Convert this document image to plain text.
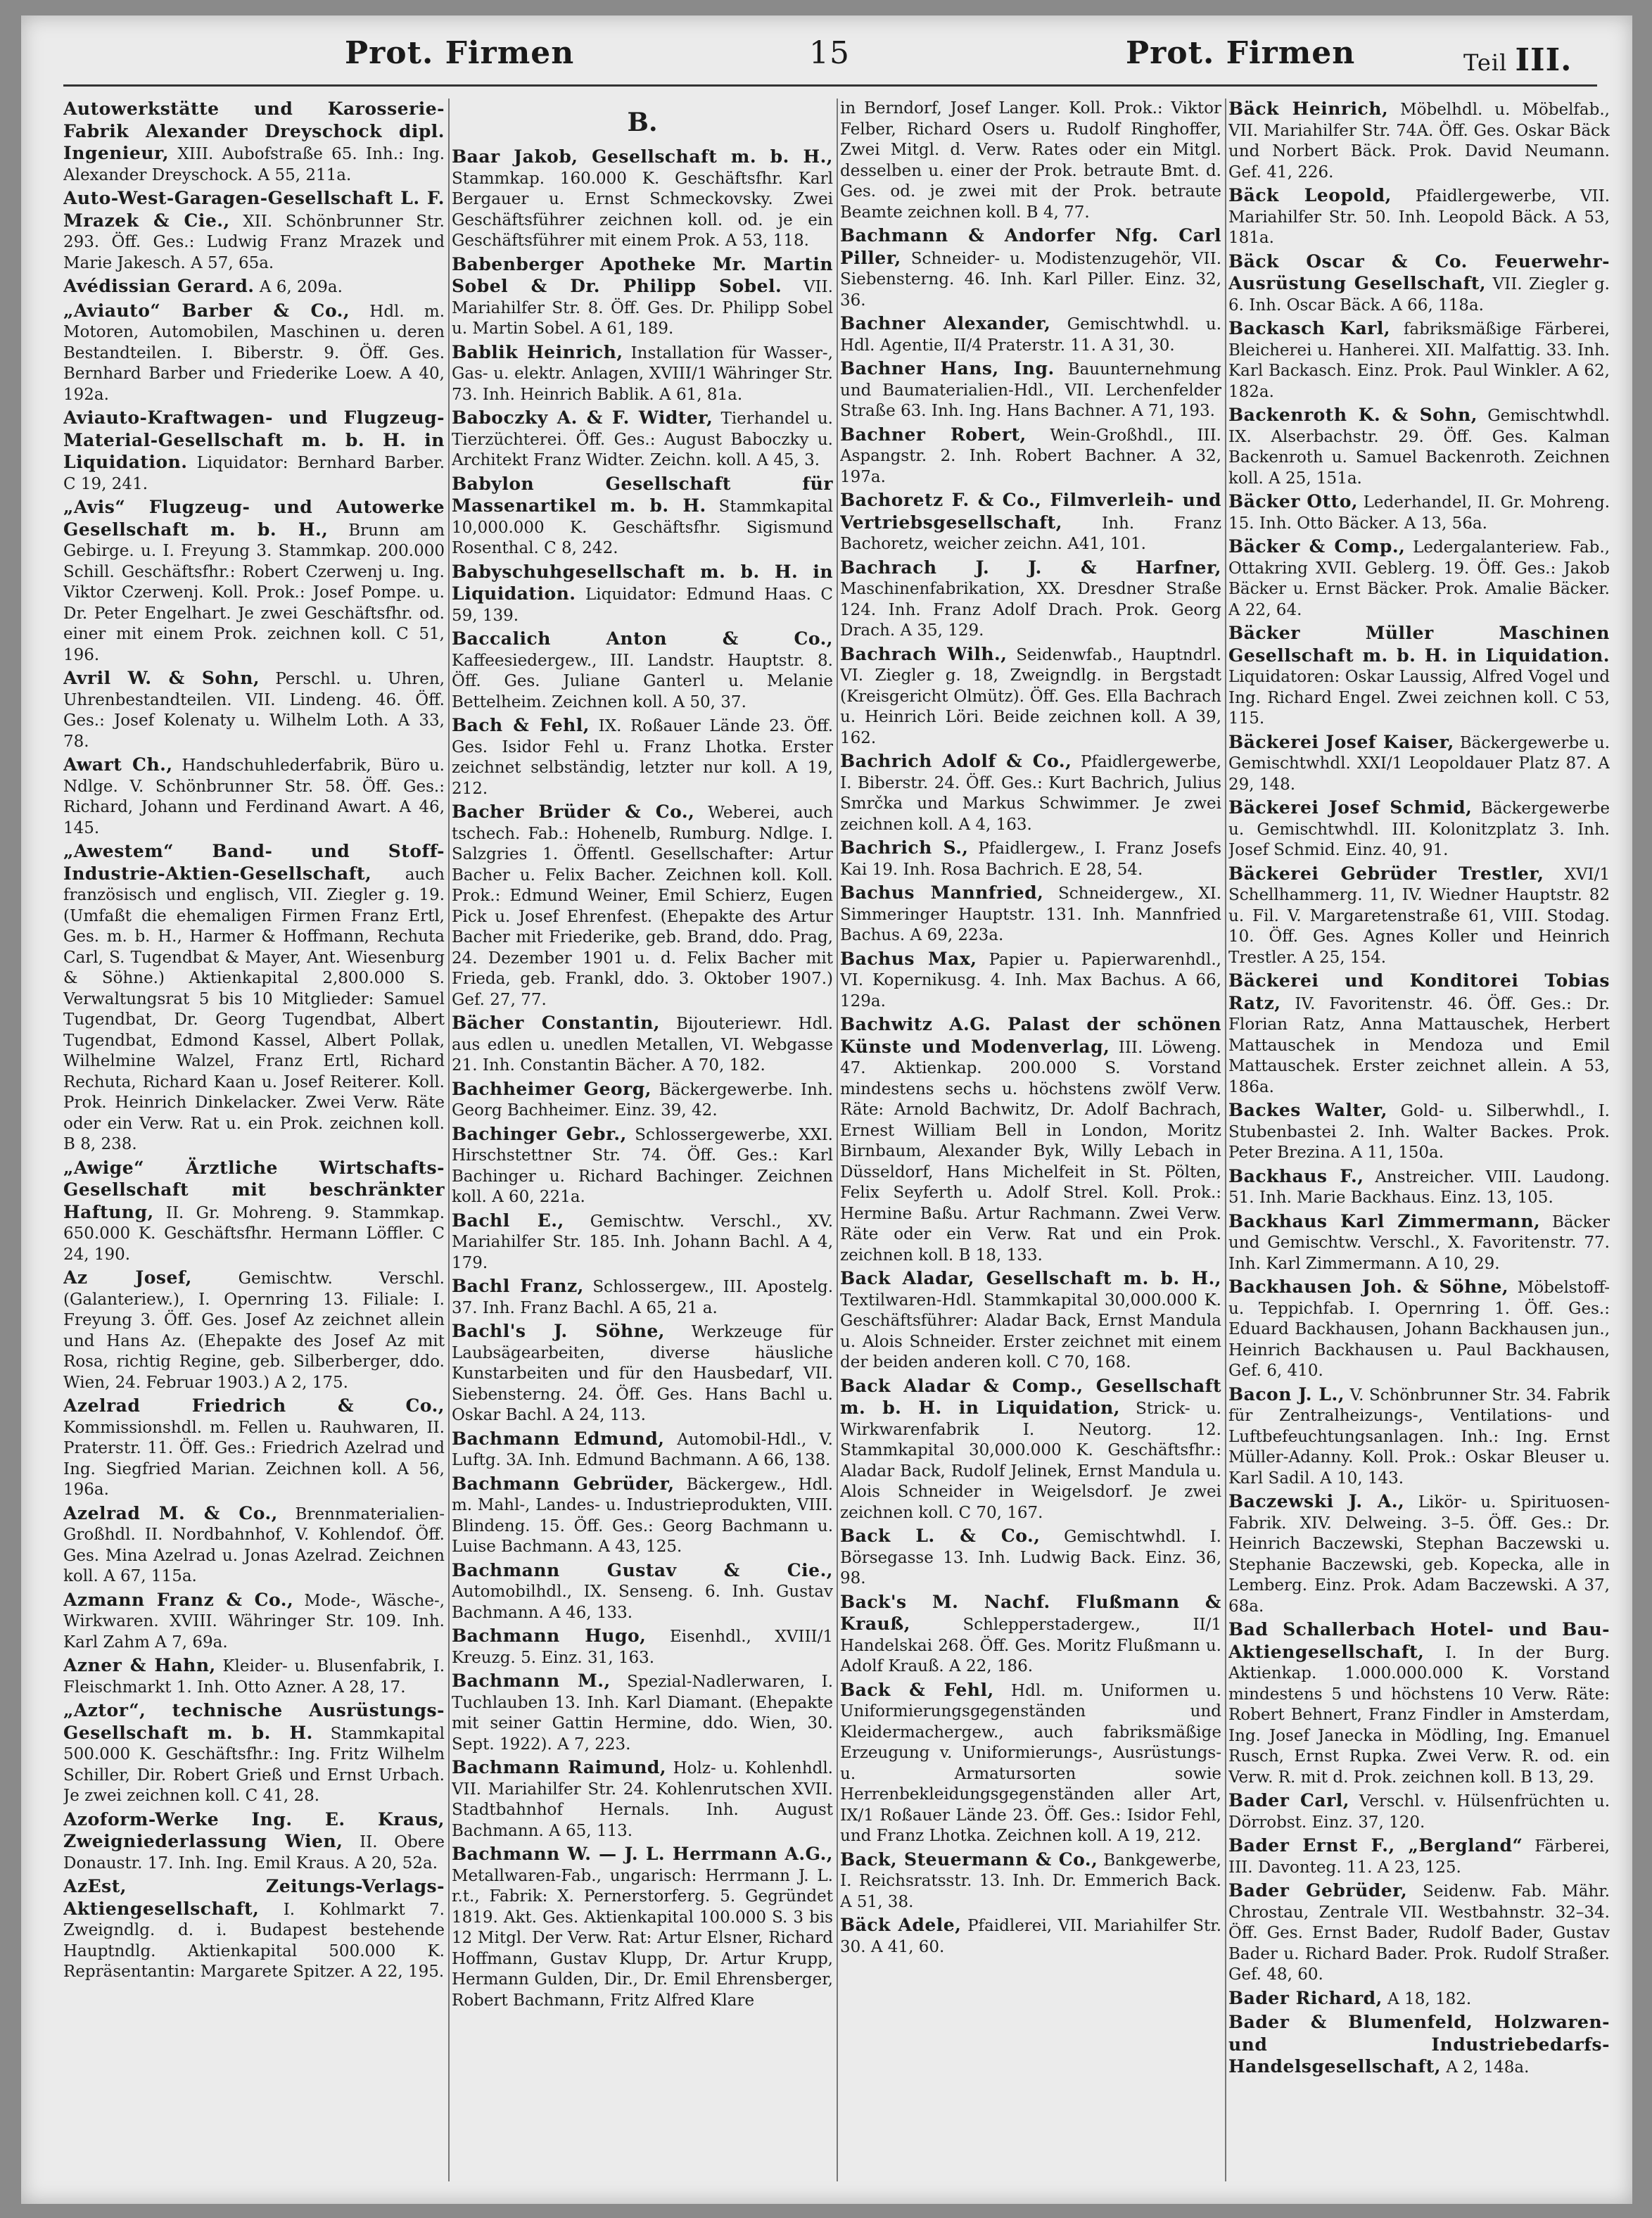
Prot. Firmen	15	Prot. Firmen	Teil III.
Autowerkstätte und Karosserie-Fabrik Alexander Dreyschock dipl. Ingenieur, XIII. Aubofstraße 65. Inh.: Ing. Alexander Dreyschock. A 55, 211a.
Auto-West-Garagen-Gesellschaft L. F. Mrazek & Cie., XII. Schönbrunner Str. 293. Öff. Ges.: Ludwig Franz Mrazek und Marie Jakesch. A 57, 65a.
Avédissian Gerard. A 6, 209a.
„Aviauto“ Barber & Co., Hdl. m. Motoren, Automobilen, Maschinen u. deren Bestandteilen. I. Biberstr. 9. Öff. Ges. Bernhard Barber und Friederike Loew. A 40, 192a.
Aviauto-Kraftwagen- und Flugzeug-Material-Gesellschaft m. b. H. in Liquidation. Liquidator: Bernhard Barber. C 19, 241.
„Avis“ Flugzeug- und Autowerke Gesellschaft m. b. H., Brunn am Gebirge. u. I. Freyung 3. Stammkap. 200.000 Schill. Geschäftsfhr.: Robert Czerwenj u. Ing. Viktor Czerwenj. Koll. Prok.: Josef Pompe. u. Dr. Peter Engelhart. Je zwei Geschäftsfhr. od. einer mit einem Prok. zeichnen koll. C 51, 196.
Avril W. & Sohn, Perschl. u. Uhren, Uhrenbestandteilen. VII. Lindeng. 46. Öff. Ges.: Josef Kolenaty u. Wilhelm Loth. A 33, 78.
Awart Ch., Handschuhlederfabrik, Büro u. Ndlge. V. Schönbrunner Str. 58. Öff. Ges.: Richard, Johann und Ferdinand Awart. A 46, 145.
„Awestem“ Band- und Stoff-Industrie-Aktien-Gesellschaft, auch französisch und englisch, VII. Ziegler g. 19. (Umfaßt die ehemaligen Firmen Franz Ertl, Ges. m. b. H., Harmer & Hoffmann, Rechuta Carl, S. Tugendbat & Mayer, Ant. Wiesenburg & Söhne.) Aktienkapital 2,800.000 S. Verwaltungsrat 5 bis 10 Mitglieder: Samuel Tugendbat, Dr. Georg Tugendbat, Albert Tugendbat, Edmond Kassel, Albert Pollak, Wilhelmine Walzel, Franz Ertl, Richard Rechuta, Richard Kaan u. Josef Reiterer. Koll. Prok. Heinrich Dinkelacker. Zwei Verw. Räte oder ein Verw. Rat u. ein Prok. zeichnen koll. B 8, 238.
„Awige“ Ärztliche Wirtschafts-Gesellschaft mit beschränkter Haftung, II. Gr. Mohreng. 9. Stammkap. 650.000 K. Geschäftsfhr. Hermann Löffler. C 24, 190.
Az Josef,	Gemischtw. Verschl. (Galanteriew.), I. Opernring 13. Filiale: I. Freyung 3. Öff. Ges. Josef Az zeichnet allein und Hans Az. (Ehepakte des Josef Az mit Rosa, richtig Regine, geb. Silberberger, ddo. Wien, 24. Februar 1903.) A 2, 175.
Azelrad Friedrich & Co., Kommissionshdl. m. Fellen u. Rauhwaren, II. Praterstr. 11. Öff. Ges.: Friedrich Azelrad und Ing. Siegfried Marian. Zeichnen koll. A 56, 196a.
Azelrad M. & Co., Brennmaterialien-Großhdl. II. Nordbahnhof, V. Kohlendof. Öff. Ges. Mina Azelrad u. Jonas Azelrad. Zeichnen koll. A 67, 115a.
Azmann Franz & Co., Mode-, Wäsche-, Wirkwaren. XVIII. Währinger Str. 109. Inh. Karl Zahm A 7, 69a.
Azner & Hahn, Kleider- u. Blusenfabrik, I. Fleischmarkt 1. Inh. Otto Azner. A 28, 17.
„Aztor“, technische Ausrüstungs-Gesellschaft m. b. H. Stammkapital 500.000 K. Geschäftsfhr.: Ing. Fritz Wilhelm Schiller, Dir. Robert Grieß und Ernst Urbach. Je zwei zeichnen koll. C 41, 28.
Azoform-Werke Ing. E. Kraus, Zweigniederlassung Wien, II. Obere Donaustr. 17. Inh. Ing. Emil Kraus. A 20, 52a.
AzEst, Zeitungs-Verlags-Aktiengesellschaft, I. Kohlmarkt 7. Zweigndlg. d. i. Budapest bestehende Hauptndlg. Aktienkapital 500.000 K. Repräsentantin: Margarete Spitzer. A 22, 195.
B.
Baar Jakob, Gesellschaft m. b. H., Stammkap. 160.000 K. Geschäftsfhr. Karl Bergauer u. Ernst Schmeckovsky. Zwei Geschäftsführer zeichnen koll. od. je ein Geschäftsführer mit einem Prok. A 53, 118.
Babenberger Apotheke Mr. Martin Sobel & Dr. Philipp Sobel. VII. Mariahilfer Str. 8. Öff. Ges. Dr. Philipp Sobel u. Martin Sobel. A 61, 189.
Bablik Heinrich, Installation für Wasser-, Gas- u. elektr. Anlagen, XVIII/1 Währinger Str. 73. Inh. Heinrich Bablik. A 61, 81a.
Baboczky A. & F. Widter, Tierhandel u. Tierzüchterei. Öff. Ges.: August Baboczky u. Architekt Franz Widter. Zeichn. koll. A 45, 3.
Babylon Gesellschaft für Massenartikel m. b. H. Stammkapital 10,000.000 K. Geschäftsfhr. Sigismund Rosenthal. C 8, 242.
Babyschuhgesellschaft m. b. H. in Liquidation. Liquidator: Edmund Haas. C 59, 139.
Baccalich Anton & Co., Kaffeesiedergew., III. Landstr. Hauptstr. 8. Öff. Ges. Juliane Ganterl u. Melanie Bettelheim. Zeichnen koll. A 50, 37.
Bach & Fehl, IX. Roßauer Lände 23. Öff. Ges. Isidor Fehl u. Franz Lhotka. Erster zeichnet selbständig, letzter nur koll. A 19, 212.
Bacher Brüder & Co., Weberei, auch tschech. Fab.: Hohenelb, Rumburg. Ndlge. I. Salzgries 1. Öffentl. Gesellschafter: Artur Bacher u. Felix Bacher. Zeichnen koll. Koll. Prok.: Edmund Weiner, Emil Schierz, Eugen Pick u. Josef Ehrenfest. (Ehepakte des Artur Bacher mit Friederike, geb. Brand, ddo. Prag, 24. Dezember 1901 u. d. Felix Bacher mit Frieda, geb. Frankl, ddo. 3. Oktober 1907.) Gef. 27, 77.
Bächer Constantin, Bijouteriewr. Hdl. aus edlen u. unedlen Metallen, VI. Webgasse 21. Inh. Constantin Bächer. A 70, 182.
Bachheimer Georg, Bäckergewerbe. Inh. Georg Bachheimer. Einz. 39, 42.
Bachinger Gebr., Schlossergewerbe, XXI. Hirschstettner Str. 74. Öff. Ges.: Karl Bachinger u. Richard Bachinger. Zeichnen koll. A 60, 221a.
Bachl E., Gemischtw. Verschl., XV. Mariahilfer Str. 185. Inh. Johann Bachl. A 4, 179.
Bachl Franz, Schlossergew., III. Apostelg. 37. Inh. Franz Bachl. A 65, 21 a.
Bachl's J. Söhne, Werkzeuge für Laubsägearbeiten, diverse häusliche Kunstarbeiten und für den Hausbedarf, VII. Siebensterng. 24. Öff. Ges. Hans Bachl u. Oskar Bachl. A 24, 113.
Bachmann Edmund, Automobil-Hdl., V. Luftg. 3A. Inh. Edmund Bachmann. A 66, 138.
Bachmann Gebrüder, Bäckergew., Hdl. m. Mahl-, Landes- u. Industrieprodukten, VIII. Blindeng. 15. Öff. Ges.: Georg Bachmann u. Luise Bachmann. A 43, 125.
Bachmann Gustav & Cie., Automobilhdl., IX. Senseng. 6. Inh. Gustav Bachmann. A 46, 133.
Bachmann Hugo, Eisenhdl., XVIII/1 Kreuzg. 5. Einz. 31, 163.
Bachmann M., Spezial-Nadlerwaren, I. Tuchlauben 13. Inh. Karl Diamant. (Ehepakte mit seiner Gattin Hermine, ddo. Wien, 30. Sept. 1922). A 7, 223.
Bachmann Raimund, Holz- u. Kohlenhdl. VII. Mariahilfer Str. 24. Kohlenrutschen XVII. Stadtbahnhof Hernals. Inh. August Bachmann. A 65, 113.
Bachmann W. — J. L. Herrmann A.G., Metallwaren-Fab., ungarisch: Herrmann J. L. r.t., Fabrik: X. Pernerstorferg. 5. Gegründet 1819. Akt. Ges. Aktienkapital 100.000 S. 3 bis 12 Mitgl. Der Verw. Rat: Artur Elsner, Richard Hoffmann, Gustav Klupp, Dr. Artur Krupp, Hermann Gulden, Dir., Dr. Emil Ehrensberger, Robert Bachmann, Fritz Alfred Klare
in Berndorf, Josef Langer. Koll. Prok.: Viktor Felber, Richard Osers u. Rudolf Ringhoffer, Zwei Mitgl. d. Verw. Rates oder ein Mitgl. desselben u. einer der Prok. betraute Bmt. d. Ges. od. je zwei mit der Prok. betraute Beamte zeichnen koll. B 4, 77.
Bachmann & Andorfer Nfg. Carl Piller, Schneider- u. Modistenzugehör, VII. Siebensterng. 46. Inh. Karl Piller. Einz. 32, 36.
Bachner Alexander, Gemischtwhdl. u. Hdl. Agentie, II/4 Praterstr. 11. A 31, 30.
Bachner Hans, Ing. Bauunternehmung und Baumaterialien-Hdl., VII. Lerchenfelder Straße 63. Inh. Ing. Hans Bachner. A 71, 193.
Bachner Robert, Wein-Großhdl., III. Aspangstr. 2. Inh. Robert Bachner. A 32, 197a.
Bachoretz F. & Co., Filmverleih- und Vertriebsgesellschaft, Inh. Franz Bachoretz, weicher zeichn. A41, 101.
Bachrach J. J. & Harfner, Maschinenfabrikation, XX. Dresdner Straße 124. Inh. Franz Adolf Drach. Prok. Georg Drach. A 35, 129.
Bachrach Wilh., Seidenwfab., Hauptndrl. VI. Ziegler g. 18, Zweigndlg. in Bergstadt (Kreisgericht Olmütz). Öff. Ges. Ella Bachrach u. Heinrich Löri. Beide zeichnen koll. A 39, 162.
Bachrich Adolf & Co., Pfaidlergewerbe, I. Biberstr. 24. Öff. Ges.: Kurt Bachrich, Julius Smrčka und Markus Schwimmer. Je zwei zeichnen koll. A 4, 163.
Bachrich S., Pfaidlergew., I. Franz Josefs Kai 19. Inh. Rosa Bachrich. E 28, 54.
Bachus Mannfried, Schneidergew., XI. Simmeringer Hauptstr. 131. Inh. Mannfried Bachus. A 69, 223a.
Bachus Max, Papier u. Papierwarenhdl., VI. Kopernikusg. 4. Inh. Max Bachus. A 66, 129a.
Bachwitz A.G. Palast der schönen Künste und Modenverlag, III. Löweng. 47. Aktienkap. 200.000 S. Vorstand mindestens sechs u. höchstens zwölf Verw. Räte: Arnold Bachwitz, Dr. Adolf Bachrach, Ernest William Bell in London, Moritz Birnbaum, Alexander Byk, Willy Lebach in Düsseldorf, Hans Michelfeit in St. Pölten, Felix Seyferth u. Adolf Strel. Koll. Prok.: Hermine Baßu. Artur Rachmann. Zwei Verw. Räte oder ein Verw. Rat und ein Prok. zeichnen koll. B 18, 133.
Back Aladar, Gesellschaft m. b. H., Textilwaren-Hdl. Stammkapital 30,000.000 K. Geschäftsführer: Aladar Back, Ernst Mandula u. Alois Schneider. Erster zeichnet mit einem der beiden anderen koll. C 70, 168.
Back Aladar & Comp., Gesellschaft m. b. H. in Liquidation, Strick- u. Wirkwarenfabrik I. Neutorg. 12. Stammkapital 30,000.000 K. Geschäftsfhr.: Aladar Back, Rudolf Jelinek, Ernst Mandula u. Alois Schneider in Weigelsdorf. Je zwei zeichnen koll. C 70, 167.
Back L. & Co., Gemischtwhdl. I. Börsegasse 13. Inh. Ludwig Back. Einz. 36, 98.
Back's M. Nachf. Flußmann & Krauß,	Schlepperstadergew., II/1 Handelskai 268. Öff. Ges. Moritz Flußmann u. Adolf Krauß. A 22, 186.
Back & Fehl, Hdl. m. Uniformen u. Uniformierungsgegenständen und Kleidermachergew., auch fabriksmäßige Erzeugung v. Uniformierungs-, Ausrüstungs- u. Armatursorten sowie Herrenbekleidungsgegenständen aller Art, IX/1 Roßauer Lände 23. Öff. Ges.: Isidor Fehl, und Franz Lhotka. Zeichnen koll. A 19, 212.
Back, Steuermann & Co., Bankgewerbe, I. Reichsratsstr. 13. Inh. Dr. Emmerich Back. A 51, 38.
Bäck Adele, Pfaidlerei, VII. Mariahilfer Str. 30. A 41, 60.
Bäck Heinrich, Möbelhdl. u. Möbelfab., VII. Mariahilfer Str. 74A. Öff. Ges. Oskar Bäck und Norbert Bäck. Prok. David Neumann. Gef. 41, 226.
Bäck Leopold, Pfaidlergewerbe, VII. Mariahilfer Str. 50. Inh. Leopold Bäck. A 53, 181a.
Bäck Oscar & Co. Feuerwehr-Ausrüstung Gesellschaft, VII. Ziegler g. 6. Inh. Oscar Bäck. A 66, 118a.
Backasch Karl, fabriksmäßige Färberei, Bleicherei u. Hanherei. XII. Malfattig. 33. Inh. Karl Backasch. Einz. Prok. Paul Winkler. A 62, 182a.
Backenroth K. & Sohn, Gemischtwhdl. IX. Alserbachstr. 29. Öff. Ges. Kalman Backenroth u. Samuel Backenroth. Zeichnen koll. A 25, 151a.
Bäcker Otto, Lederhandel, II. Gr. Mohreng. 15. Inh. Otto Bäcker. A 13, 56a.
Bäcker & Comp., Ledergalanteriew. Fab., Ottakring XVII. Geblerg. 19. Öff. Ges.: Jakob Bäcker u. Ernst Bäcker. Prok. Amalie Bäcker. A 22, 64.
Bäcker Müller Maschinen Gesellschaft m. b. H. in Liquidation. Liquidatoren: Oskar Laussig, Alfred Vogel und Ing. Richard Engel. Zwei zeichnen koll. C 53, 115.
Bäckerei Josef Kaiser, Bäckergewerbe u. Gemischtwhdl. XXI/1 Leopoldauer Platz 87. A 29, 148.
Bäckerei Josef Schmid, Bäckergewerbe u. Gemischtwhdl. III. Kolonitzplatz 3. Inh. Josef Schmid. Einz. 40, 91.
Bäckerei Gebrüder Trestler, XVI/1 Schellhammerg. 11, IV. Wiedner Hauptstr. 82 u. Fil. V. Margaretenstraße 61, VIII. Stodag. 10. Öff. Ges. Agnes Koller und Heinrich Trestler. A 25, 154.
Bäckerei und Konditorei Tobias Ratz, IV. Favoritenstr. 46. Öff. Ges.: Dr. Florian Ratz, Anna Mattauschek, Herbert Mattauschek in Mendoza und Emil Mattauschek. Erster zeichnet allein. A 53, 186a.
Backes Walter, Gold- u. Silberwhdl., I. Stubenbastei 2. Inh. Walter Backes. Prok. Peter Brezina. A 11, 150a.
Backhaus F., Anstreicher. VIII. Laudong. 51. Inh. Marie Backhaus. Einz. 13, 105.
Backhaus Karl Zimmermann, Bäcker und Gemischtw. Verschl., X. Favoritenstr. 77. Inh. Karl Zimmermann. A 10, 29.
Backhausen Joh. & Söhne, Möbelstoff- u. Teppichfab. I. Opernring 1. Öff. Ges.: Eduard Backhausen, Johann Backhausen jun., Heinrich Backhausen u. Paul Backhausen, Gef. 6, 410.
Bacon J. L., V. Schönbrunner Str. 34. Fabrik für Zentralheizungs-, Ventilations- und Luftbefeuchtungsanlagen. Inh.: Ing. Ernst Müller-Adanny. Koll. Prok.: Oskar Bleuser u. Karl Sadil. A 10, 143.
Baczewski J. A., Likör- u. Spirituosen-Fabrik. XIV. Delweing. 3–5. Öff. Ges.: Dr. Heinrich Baczewski, Stephan Baczewski u. Stephanie Baczewski, geb. Kopecka, alle in Lemberg. Einz. Prok. Adam Baczewski. A 37, 68a.
Bad Schallerbach Hotel- und Bau-Aktiengesellschaft, I. In der Burg. Aktienkap. 1.000.000.000 K. Vorstand mindestens 5 und höchstens 10 Verw. Räte: Robert Behnert, Franz Findler in Amsterdam, Ing. Josef Janecka in Mödling, Ing. Emanuel Rusch, Ernst Rupka. Zwei Verw. R. od. ein Verw. R. mit d. Prok. zeichnen koll. B 13, 29.
Bader Carl, Verschl. v. Hülsenfrüchten u. Dörrobst. Einz. 37, 120.
Bader Ernst F., „Bergland“ Färberei, III. Davonteg. 11. A 23, 125.
Bader Gebrüder, Seidenw. Fab. Mähr. Chrostau, Zentrale VII. Westbahnstr. 32–34. Öff. Ges. Ernst Bader, Rudolf Bader, Gustav Bader u. Richard Bader. Prok. Rudolf Straßer. Gef. 48, 60.
Bader Richard, A 18, 182.
Bader & Blumenfeld, Holzwaren- und Industriebedarfs-Handelsgesellschaft, A 2, 148a.
